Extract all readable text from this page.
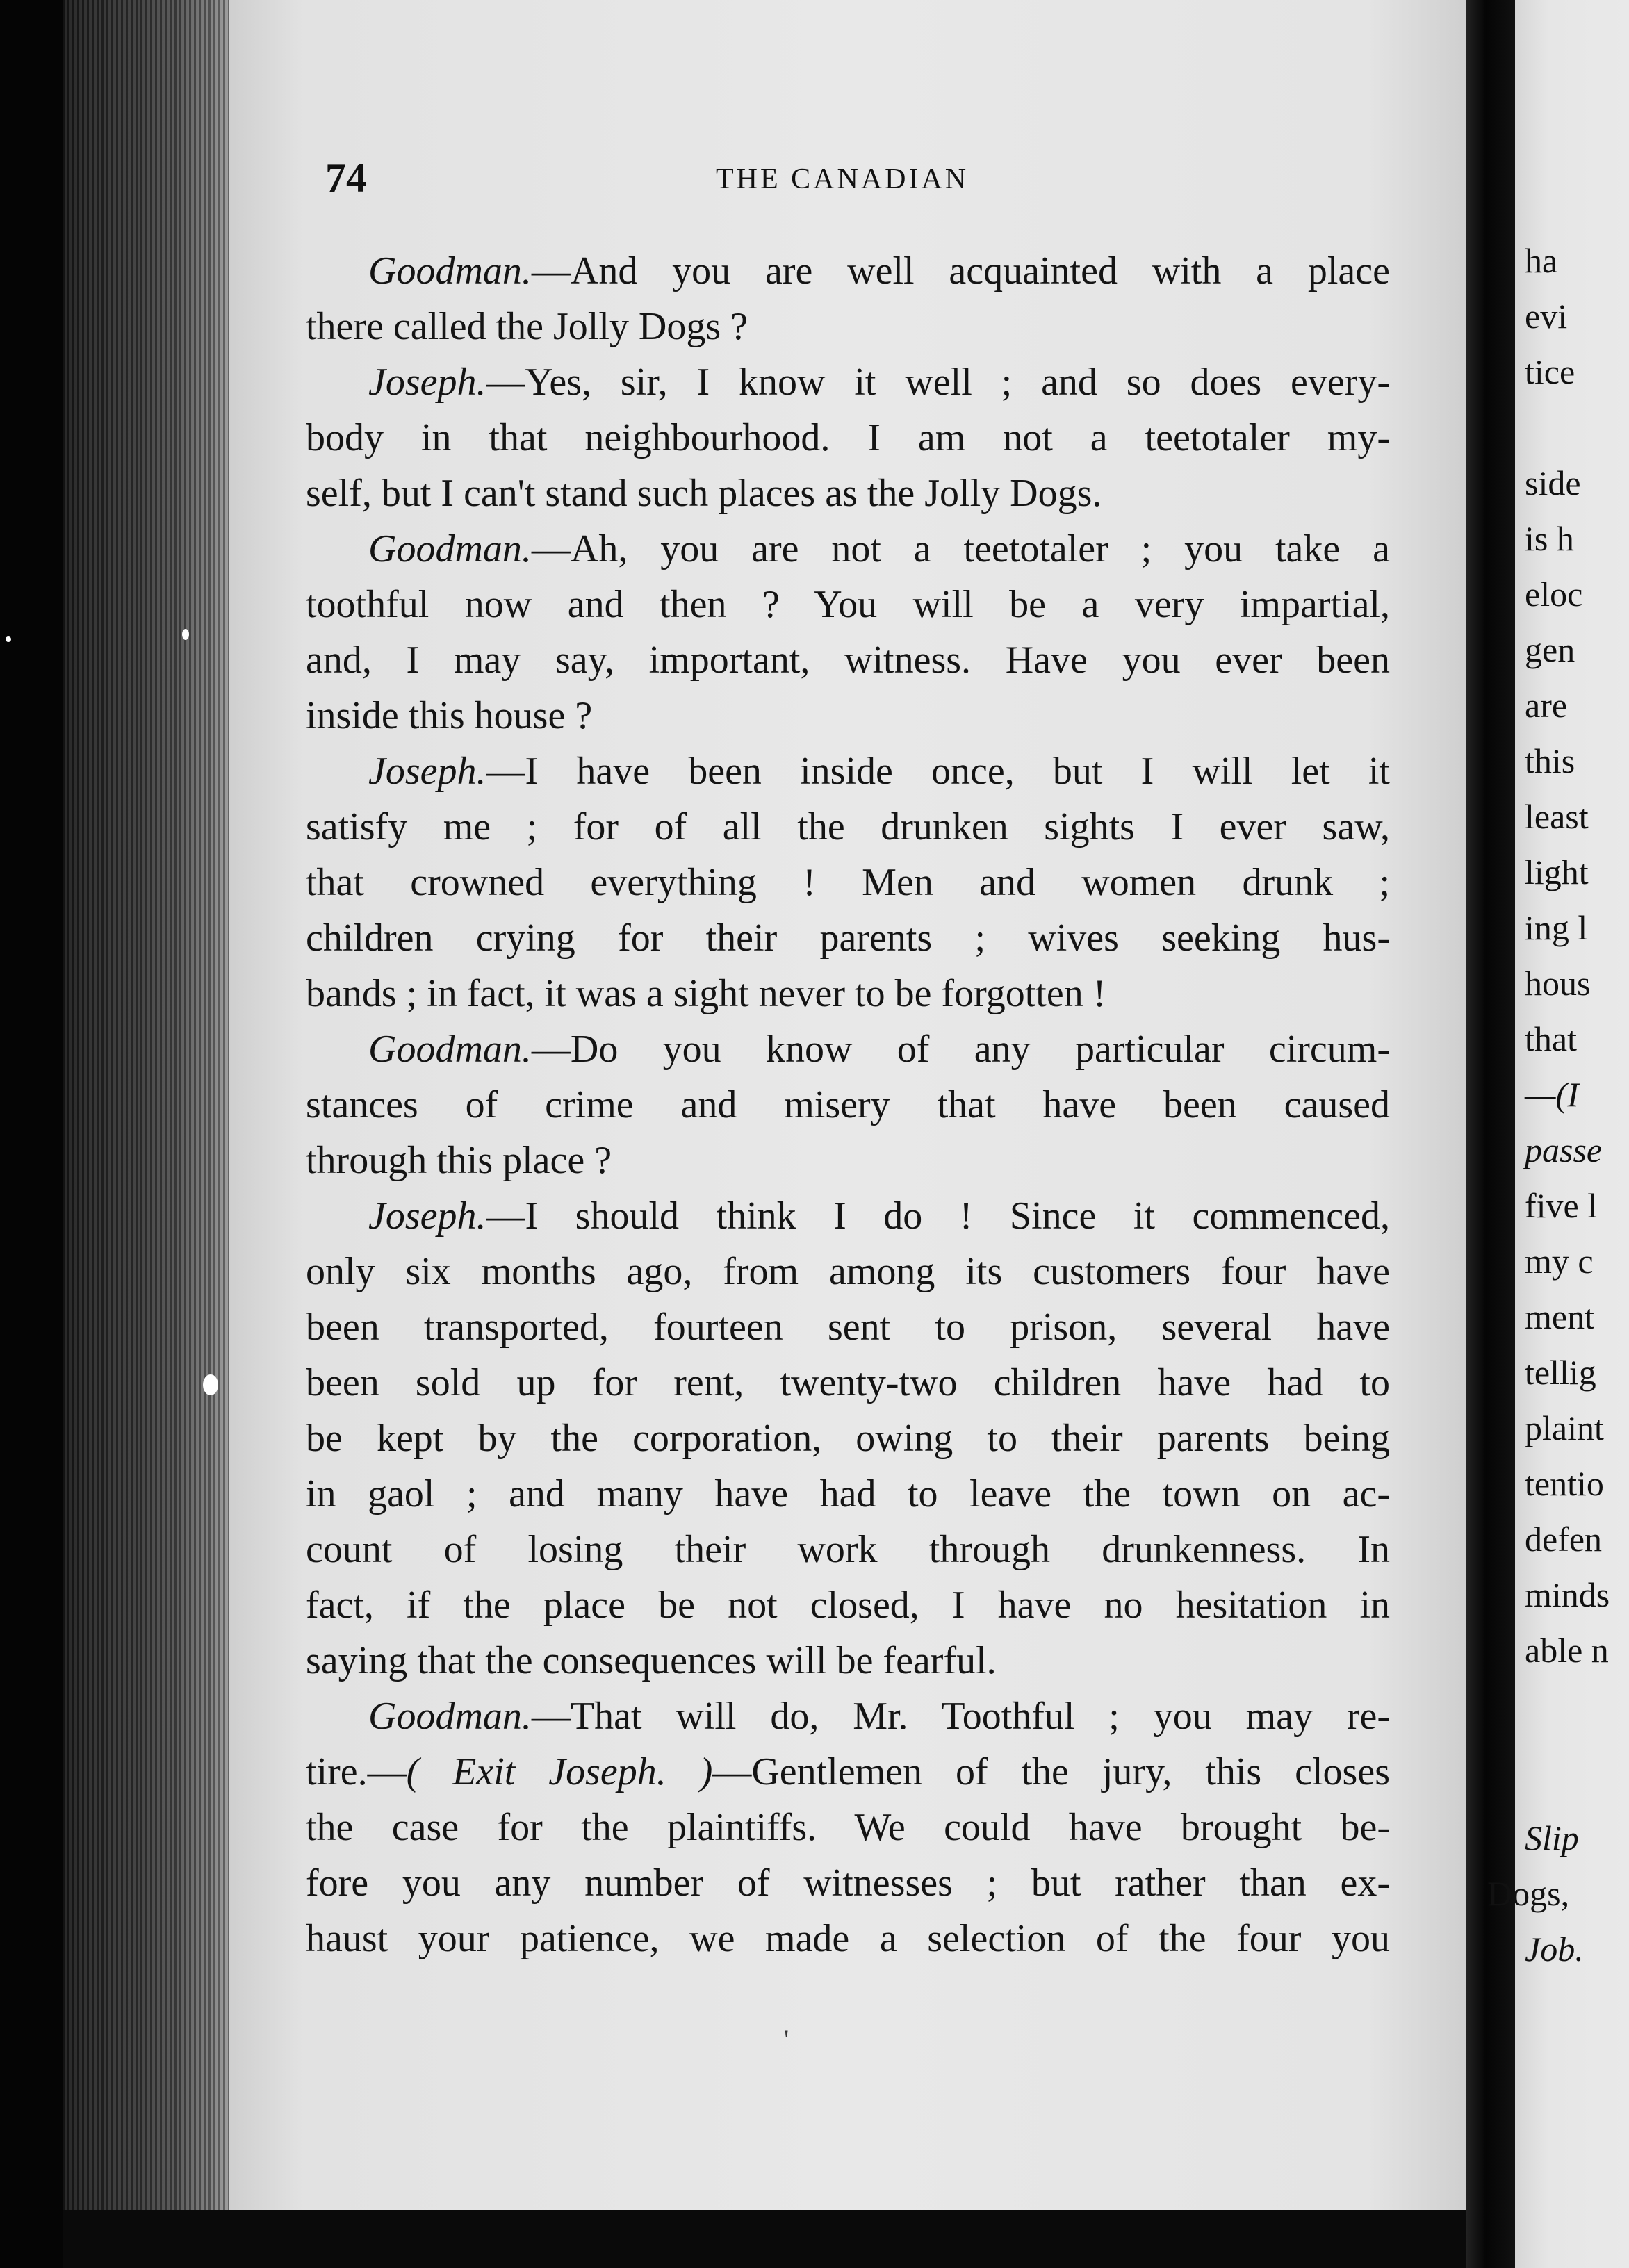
ha
evi
tice
side
is h
eloc
gen
are
this
least
light
ing l
hous
that
—(I
passe
five l
my c
ment
tellig
plaint
tentio
defen
minds
able n
Slip
Dogs,
Job.
74	THE CANADIAN
Goodman.—And you are well acquainted with a place
there called the Jolly Dogs ?
Joseph.—Yes, sir, I know it well ; and so does every-
body in that neighbourhood. I am not a teetotaler my-
self, but I can't stand such places as the Jolly Dogs.
Goodman.—Ah, you are not a teetotaler ; you take a
toothful now and then ? You will be a very impartial,
and, I may say, important, witness. Have you ever been
inside this house ?
Joseph.—I have been inside once, but I will let it
satisfy me ; for of all the drunken sights I ever saw,
that crowned everything ! Men and women drunk ;
children crying for their parents ; wives seeking hus-
bands ; in fact, it was a sight never to be forgotten !
Goodman.—Do you know of any particular circum-
stances of crime and misery that have been caused
through this place ?
Joseph.—I should think I do ! Since it commenced,
only six months ago, from among its customers four have
been transported, fourteen sent to prison, several have
been sold up for rent, twenty-two children have had to
be kept by the corporation, owing to their parents being
in gaol ; and many have had to leave the town on ac-
count of losing their work through drunkenness. In
fact, if the place be not closed, I have no hesitation in
saying that the consequences will be fearful.
Goodman.—That will do, Mr. Toothful ; you may re-
tire.—( Exit Joseph. )—Gentlemen of the jury, this closes
the case for the plaintiffs. We could have brought be-
fore you any number of witnesses ; but rather than ex-
haust your patience, we made a selection of the four you
'
